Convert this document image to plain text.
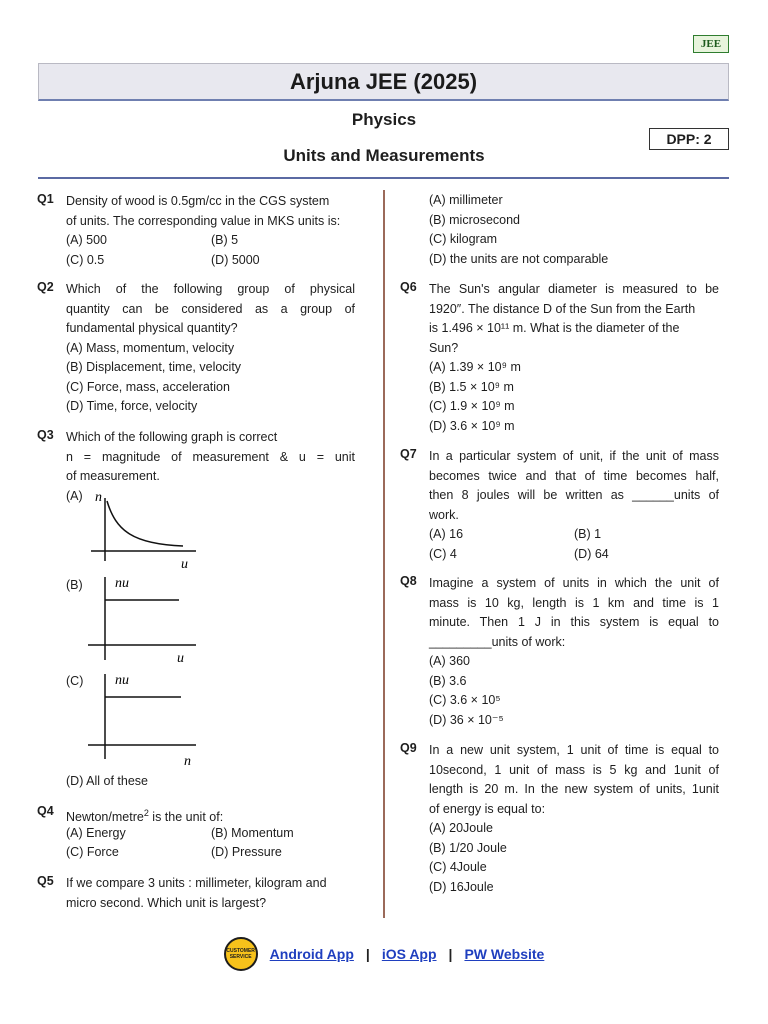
JEE
Arjuna JEE (2025)
Physics
Units and Measurements
DPP: 2
Q1 Density of wood is 0.5gm/cc in the CGS system
of units. The corresponding value in MKS units is:
(A) 500	(B) 5
(C) 0.5	(D) 5000
Q2 Which of the following group of physical
quantity can be considered as a group of
fundamental physical quantity?
(A) Mass, momentum, velocity
(B) Displacement, time, velocity
(C) Force, mass, acceleration
(D) Time, force, velocity
Q3 Which of the following graph is correct
n = magnitude of measurement & u = unit
of measurement.
(A) n
u
(B)	nu
u
(C)	nu
n
(D) All of these
Q4 Newton/metre$^2$ is the unit of:
(A) Energy	(B) Momentum
(C) Force	(D) Pressure
Q5 If we compare 3 units : millimeter, kilogram and
micro second. Which unit is largest?
(A) millimeter
(B) microsecond
(C) kilogram
(D) the units are not comparable
Q6 The Sun's angular diameter is measured to be
1920″. The distance D of the Sun from the Earth
is 1.496 × 10¹¹ m. What is the diameter of the
Sun?
(A) 1.39 × 10⁹ m
(B) 1.5 × 10⁹ m
(C) 1.9 × 10⁹ m
(D) 3.6 × 10⁹ m
Q7 In a particular system of unit, if the unit of mass
becomes twice and that of time becomes half,
then 8 joules will be written as ______units of
work.
(A) 16	(B) 1
(C) 4	(D) 64
Q8 Imagine a system of units in which the unit of
mass is 10 kg, length is 1 km and time is 1
minute. Then 1 J in this system is equal to
_________units of work:
(A) 360
(B) 3.6
(C) 3.6 × 10⁵
(D) 36 × 10⁻⁵
Q9 In a new unit system, 1 unit of time is equal to
10second, 1 unit of mass is 5 kg and 1unit of
length is 20 m. In the new system of units, 1unit
of energy is equal to:
(A) 20Joule
(B) 1/20 Joule
(C) 4Joule
(D) 16Joule
CUSTOMER SERVICE	Android App | iOS App | PW Website
